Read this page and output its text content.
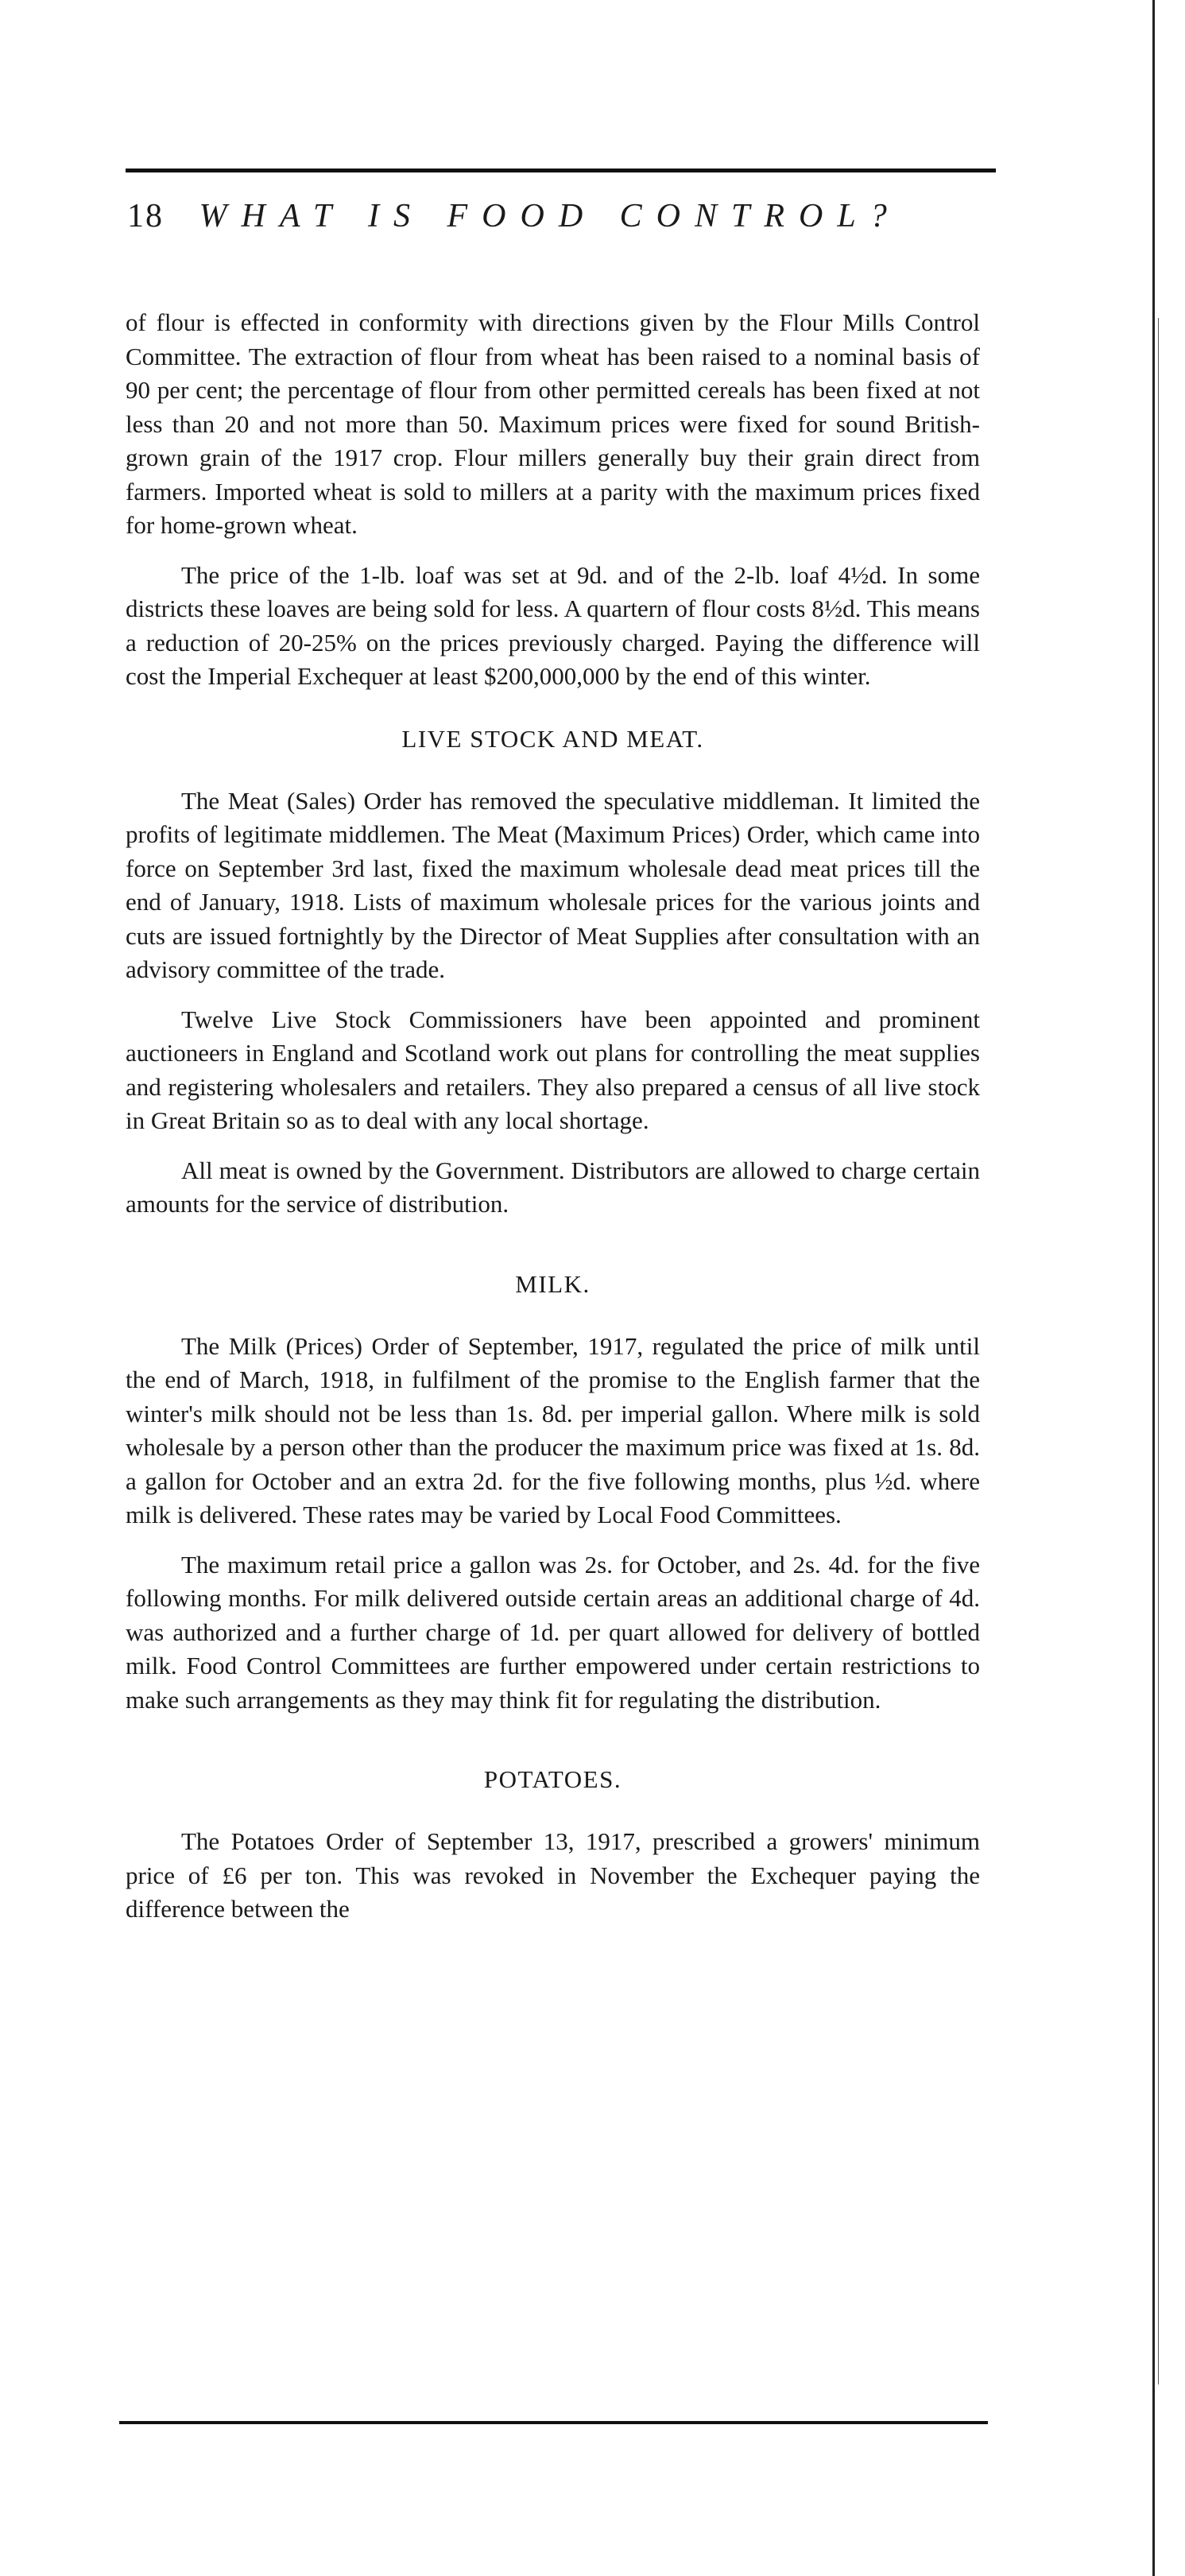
18 WHAT IS FOOD CONTROL?

of flour is effected in conformity with directions given by the Flour Mills Control Committee. The extraction of flour from wheat has been raised to a nominal basis of 90 per cent; the percentage of flour from other permitted cereals has been fixed at not less than 20 and not more than 50. Maximum prices were fixed for sound British-grown grain of the 1917 crop. Flour millers generally buy their grain direct from farmers. Imported wheat is sold to millers at a parity with the maximum prices fixed for home-grown wheat.

The price of the 1-lb. loaf was set at 9d. and of the 2-lb. loaf 4½d. In some districts these loaves are being sold for less. A quartern of flour costs 8½d. This means a reduction of 20-25% on the prices previously charged. Paying the difference will cost the Imperial Exchequer at least $200,000,000 by the end of this winter.

LIVE STOCK AND MEAT.

The Meat (Sales) Order has removed the speculative middleman. It limited the profits of legitimate middlemen. The Meat (Maximum Prices) Order, which came into force on September 3rd last, fixed the maximum wholesale dead meat prices till the end of January, 1918. Lists of maximum wholesale prices for the various joints and cuts are issued fortnightly by the Director of Meat Supplies after consultation with an advisory committee of the trade.

Twelve Live Stock Commissioners have been appointed and prominent auctioneers in England and Scotland work out plans for controlling the meat supplies and registering wholesalers and retailers. They also prepared a census of all live stock in Great Britain so as to deal with any local shortage.

All meat is owned by the Government. Distributors are allowed to charge certain amounts for the service of distribution.

MILK.

The Milk (Prices) Order of September, 1917, regulated the price of milk until the end of March, 1918, in fulfilment of the promise to the English farmer that the winter's milk should not be less than 1s. 8d. per imperial gallon. Where milk is sold wholesale by a person other than the producer the maximum price was fixed at 1s. 8d. a gallon for October and an extra 2d. for the five following months, plus ½d. where milk is delivered. These rates may be varied by Local Food Committees.

The maximum retail price a gallon was 2s. for October, and 2s. 4d. for the five following months. For milk delivered outside certain areas an additional charge of 4d. was authorized and a further charge of 1d. per quart allowed for delivery of bottled milk. Food Control Committees are further empowered under certain restrictions to make such arrangements as they may think fit for regulating the distribution.

POTATOES.

The Potatoes Order of September 13, 1917, prescribed a growers' minimum price of £6 per ton. This was revoked in November the Exchequer paying the difference between the
